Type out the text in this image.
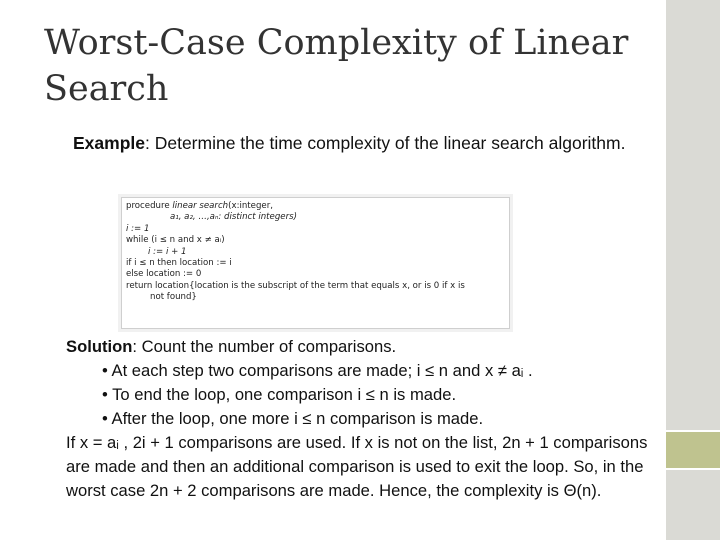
Worst-Case Complexity of Linear Search
Example: Determine the time complexity of the linear search algorithm.
procedure linear search(x:integer,
a₁, a₂, …,aₙ: distinct integers)
i := 1
while (i ≤ n and x ≠ aᵢ)
i := i + 1
if i ≤ n then location := i
else location := 0
return location{location is the subscript of the term that equals x, or is 0 if x is
not found}
Solution: Count the number of comparisons.
• At each step two comparisons are made; i ≤ n and x ≠ aᵢ .
• To end the loop, one comparison i ≤ n is made.
• After the loop, one more i ≤ n comparison is made.
If x = aᵢ , 2i + 1 comparisons are used. If x is not on the list, 2n + 1 comparisons are made and then an additional comparison is used to exit the loop. So, in the worst case 2n + 2 comparisons are made. Hence, the complexity is Θ(n).
